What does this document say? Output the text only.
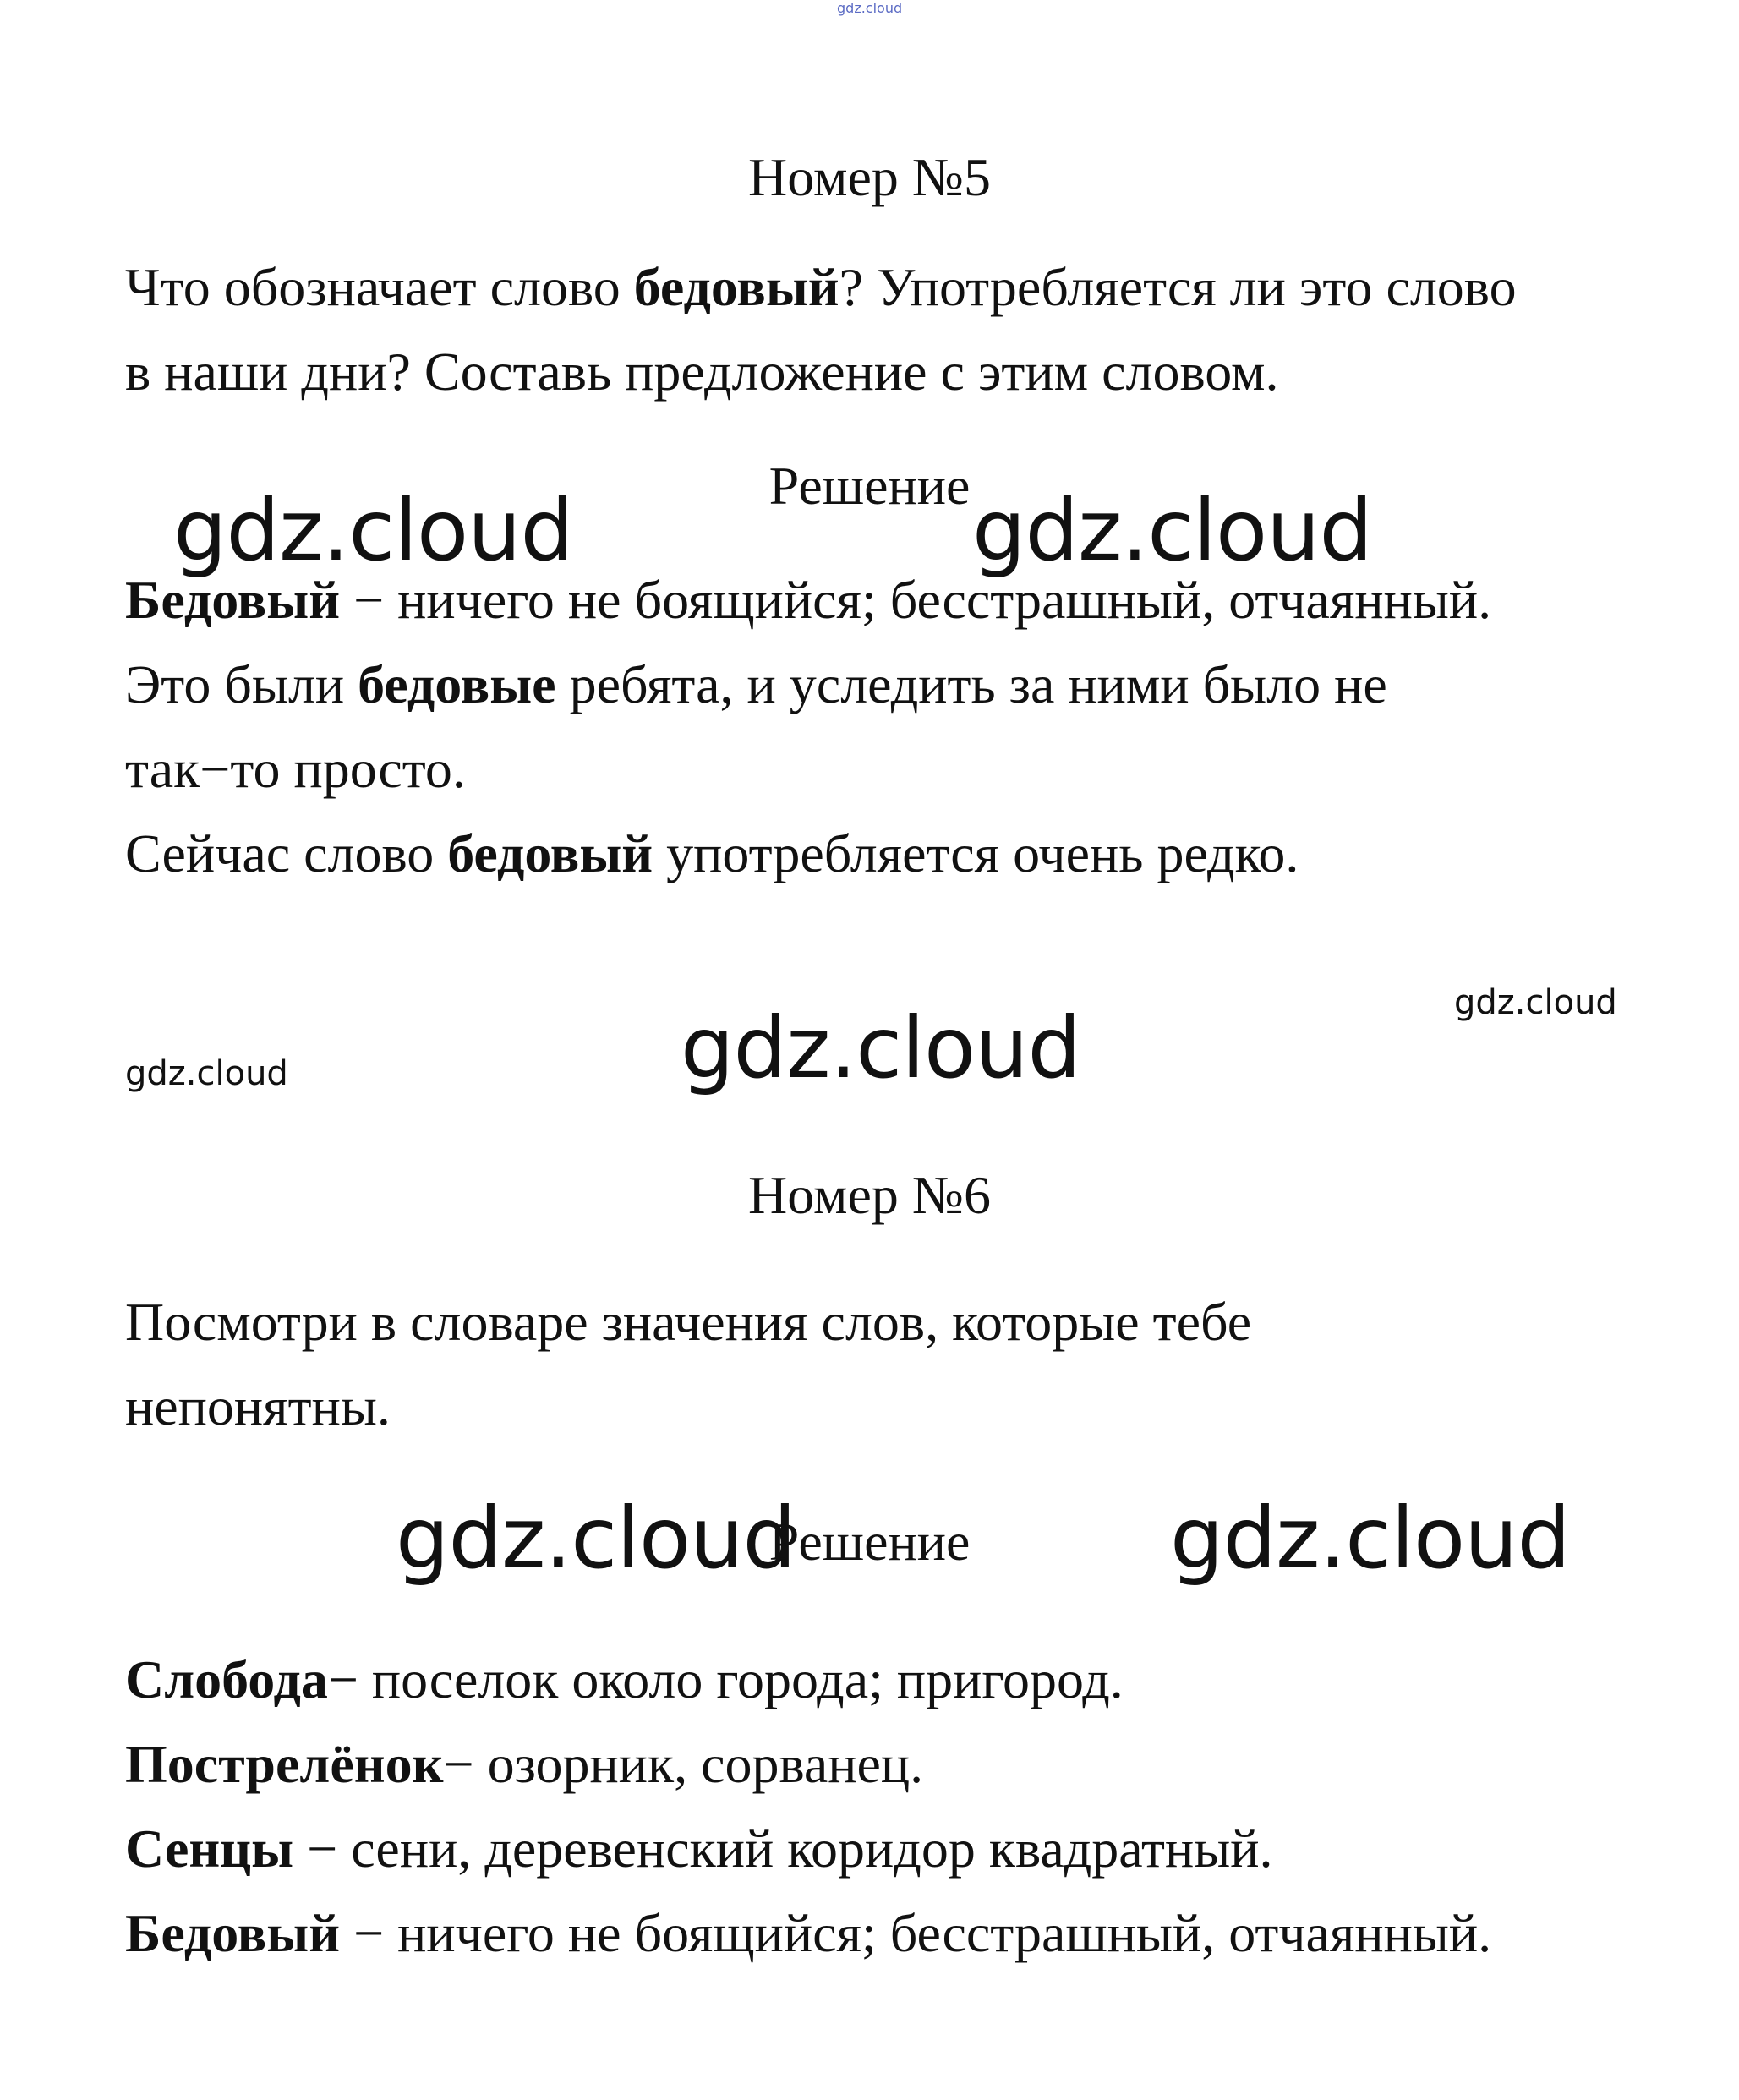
gdz.cloud
Номер №5
Что обозначает слово бедовый? Употребляется ли это слово
в наши дни? Составь предложение с этим словом.
Решение
gdz.cloud	gdz.cloud
Бедовый − ничего не боящийся; бесстрашный, отчаянный.
Это были бедовые ребята, и уследить за ними было не
так−то просто.
Сейчас слово бедовый употребляется очень редко.
gdz.cloud
gdz.cloud
gdz.cloud
Номер №6
Посмотри в словаре значения слов, которые тебе
непонятны.
gdz.cloud
Решение	gdz.cloud
Слобода− поселок около города; пригород.
Пострелёнок− озорник, сорванец.
Сенцы − сени, деревенский коридор квадратный.
Бедовый − ничего не боящийся; бесстрашный, отчаянный.
